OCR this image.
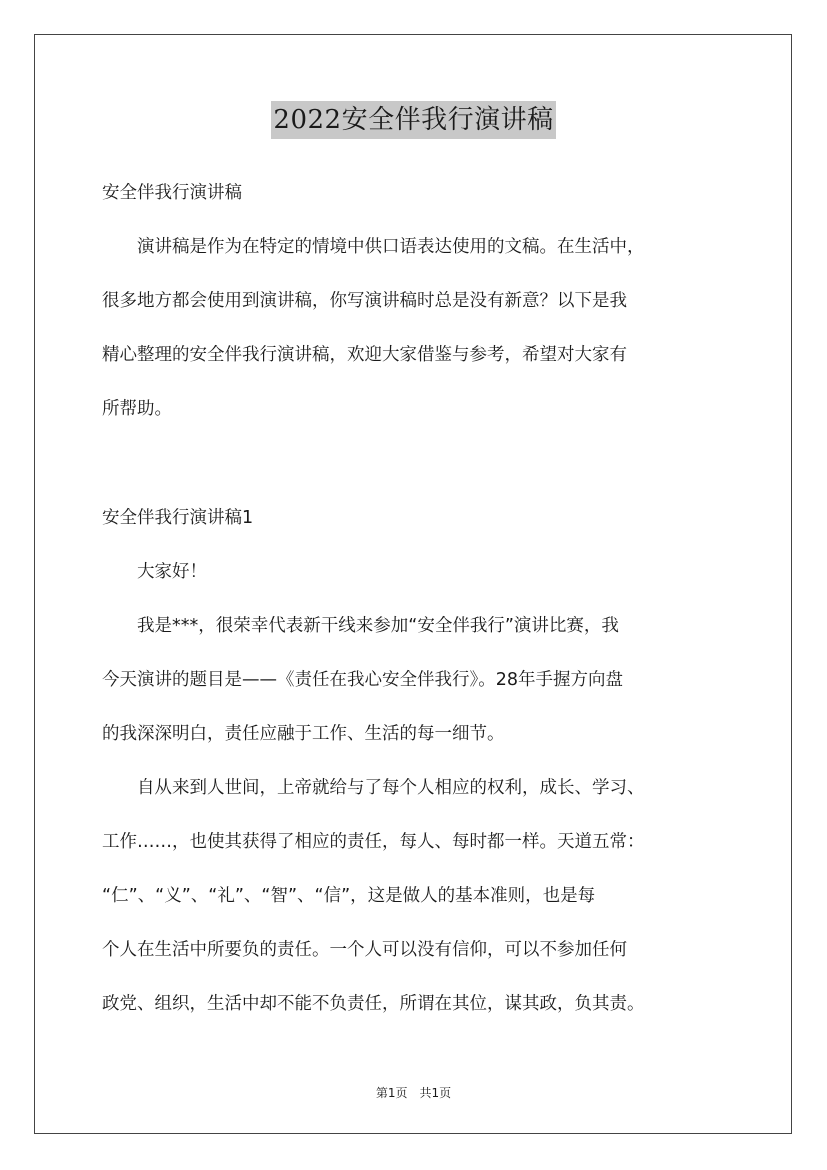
2022安全伴我行演讲稿
安全伴我行演讲稿
　　演讲稿是作为在特定的情境中供口语表达使用的文稿。在生活中，
很多地方都会使用到演讲稿，你写演讲稿时总是没有新意？以下是我
精心整理的安全伴我行演讲稿，欢迎大家借鉴与参考，希望对大家有
所帮助。
安全伴我行演讲稿1
　　大家好！
　　我是***，很荣幸代表新干线来参加“安全伴我行”演讲比赛，我
今天演讲的题目是——《责任在我心安全伴我行》。28年手握方向盘
的我深深明白，责任应融于工作、生活的每一细节。
　　自从来到人世间，上帝就给与了每个人相应的权利，成长、学习、
工作……，也使其获得了相应的责任，每人、每时都一样。天道五常：
“仁”、“义”、“礼”、“智”、“信”，这是做人的基本准则，也是每
个人在生活中所要负的责任。一个人可以没有信仰，可以不参加任何
政党、组织，生活中却不能不负责任，所谓在其位，谋其政，负其责。
第1页　共1页
